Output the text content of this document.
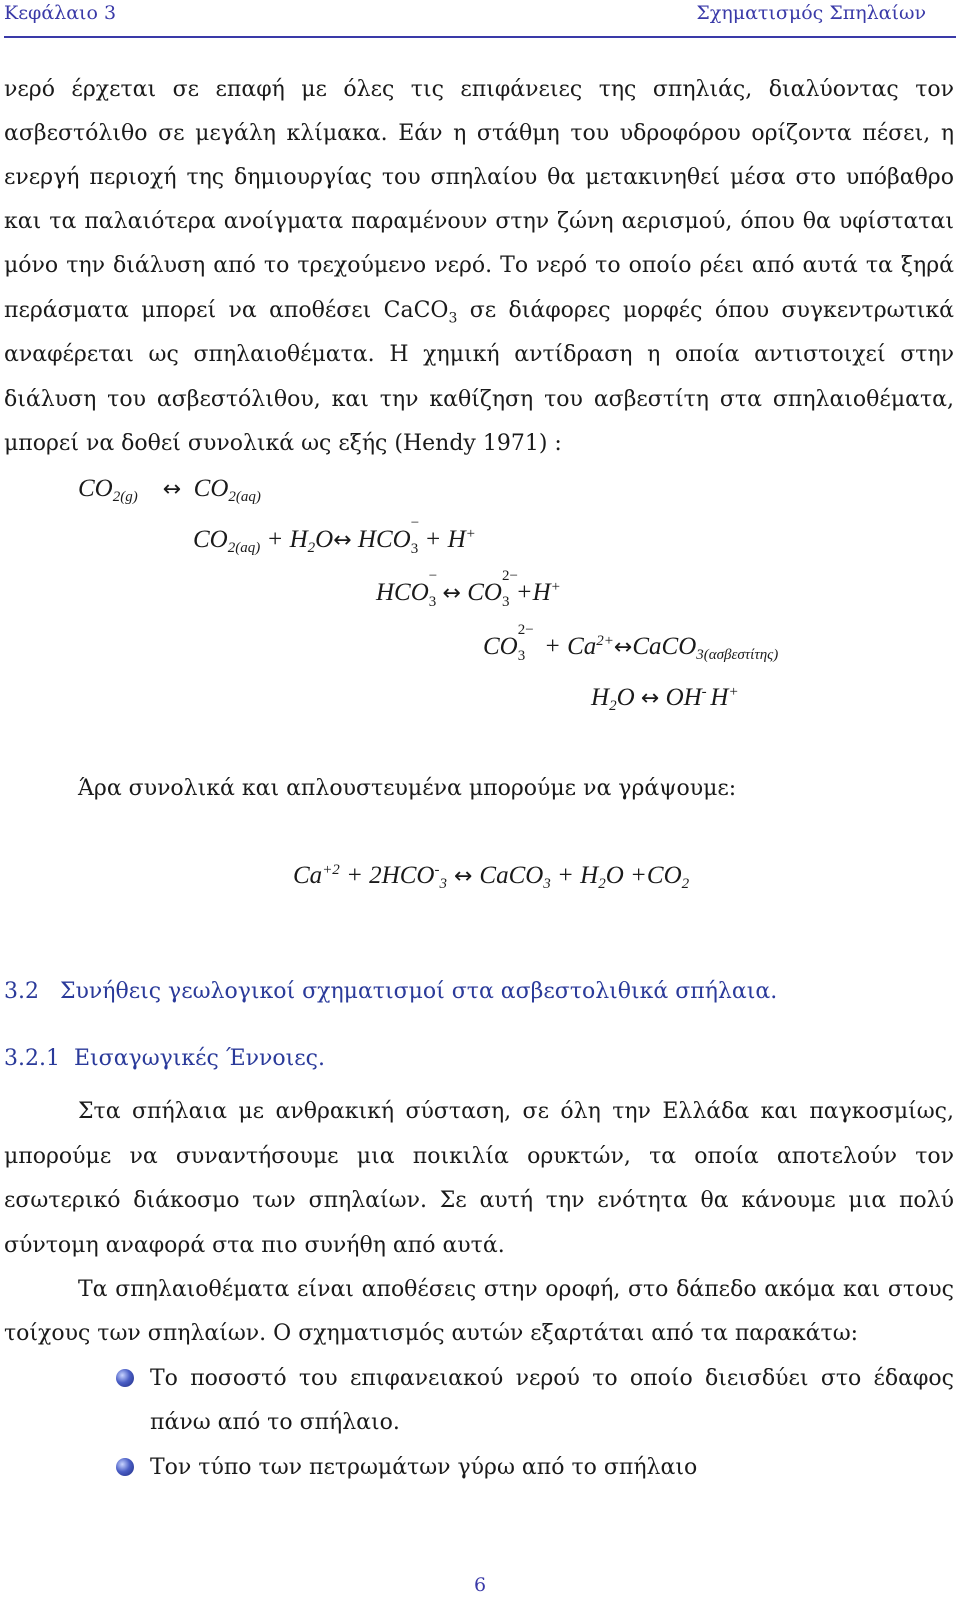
Κεφάλαιο 3	Σχηματισμός Σπηλαίων
νερό έρχεται σε επαφή με όλες τις επιφάνειες της σπηλιάς, διαλύοντας τον
ασβεστόλιθο σε μεγάλη κλίμακα. Εάν η στάθμη του υδροφόρου ορίζοντα πέσει, η
ενεργή περιοχή της δημιουργίας του σπηλαίου θα μετακινηθεί μέσα στο υπόβαθρο
και τα παλαιότερα ανοίγματα παραμένουν στην ζώνη αερισμού, όπου θα υφίσταται
μόνο την διάλυση από το τρεχούμενο νερό. Το νερό το οποίο ρέει από αυτά τα ξηρά
περάσματα μπορεί να αποθέσει CaCO$_3$ σε διάφορες μορφές όπου συγκεντρωτικά
αναφέρεται ως σπηλαιοθέματα. Η χημική αντίδραση η οποία αντιστοιχεί στην
διάλυση του ασβεστόλιθου, και την καθίζηση του ασβεστίτη στα σπηλαιοθέματα,
μπορεί να δοθεί συνολικά ως εξής (Hendy 1971) :
$CO_{2(g)}$ ↔ $CO_{2(aq)}$
$CO_{2(aq)}$ + $H_2O\leftrightarrow$ HCO
−
$_3$ + H+
HCO
−
$_3$ ↔ CO
2−
$_3$ +H+
CO
2−
$_3 + Ca^{2+}\leftrightarrow CaCO_{3(\alpha\sigma\beta\varepsilon\sigma\tau ί\tau\eta\varsigma)}$
$H_2O$ ↔ OH- H+
Άρα συνολικά και απλουστευμένα μπορούμε να γράψουμε:
$Ca^{+2} + 2HCO^-_3$ ↔ CaCO$_3$ + $H_2O +CO_2$
3.2 Συνήθεις γεωλογικοί σχηματισμοί στα ασβεστολιθικά σπήλαια.
3.2.1 Εισαγωγικές Έννοιες.
Στα σπήλαια με ανθρακική σύσταση, σε όλη την Ελλάδα και παγκοσμίως,
μπορούμε να συναντήσουμε μια ποικιλία ορυκτών, τα οποία αποτελούν τον
εσωτερικό διάκοσμο των σπηλαίων. Σε αυτή την ενότητα θα κάνουμε μια πολύ
σύντομη αναφορά στα πιο συνήθη από αυτά.
Τα σπηλαιοθέματα είναι αποθέσεις στην οροφή, στο δάπεδο ακόμα και στους
τοίχους των σπηλαίων. Ο σχηματισμός αυτών εξαρτάται από τα παρακάτω:
Το ποσοστό του επιφανειακού νερού το οποίο διεισδύει στο έδαφος
πάνω από το σπήλαιο.
Τον τύπο των πετρωμάτων γύρω από το σπήλαιο
6
